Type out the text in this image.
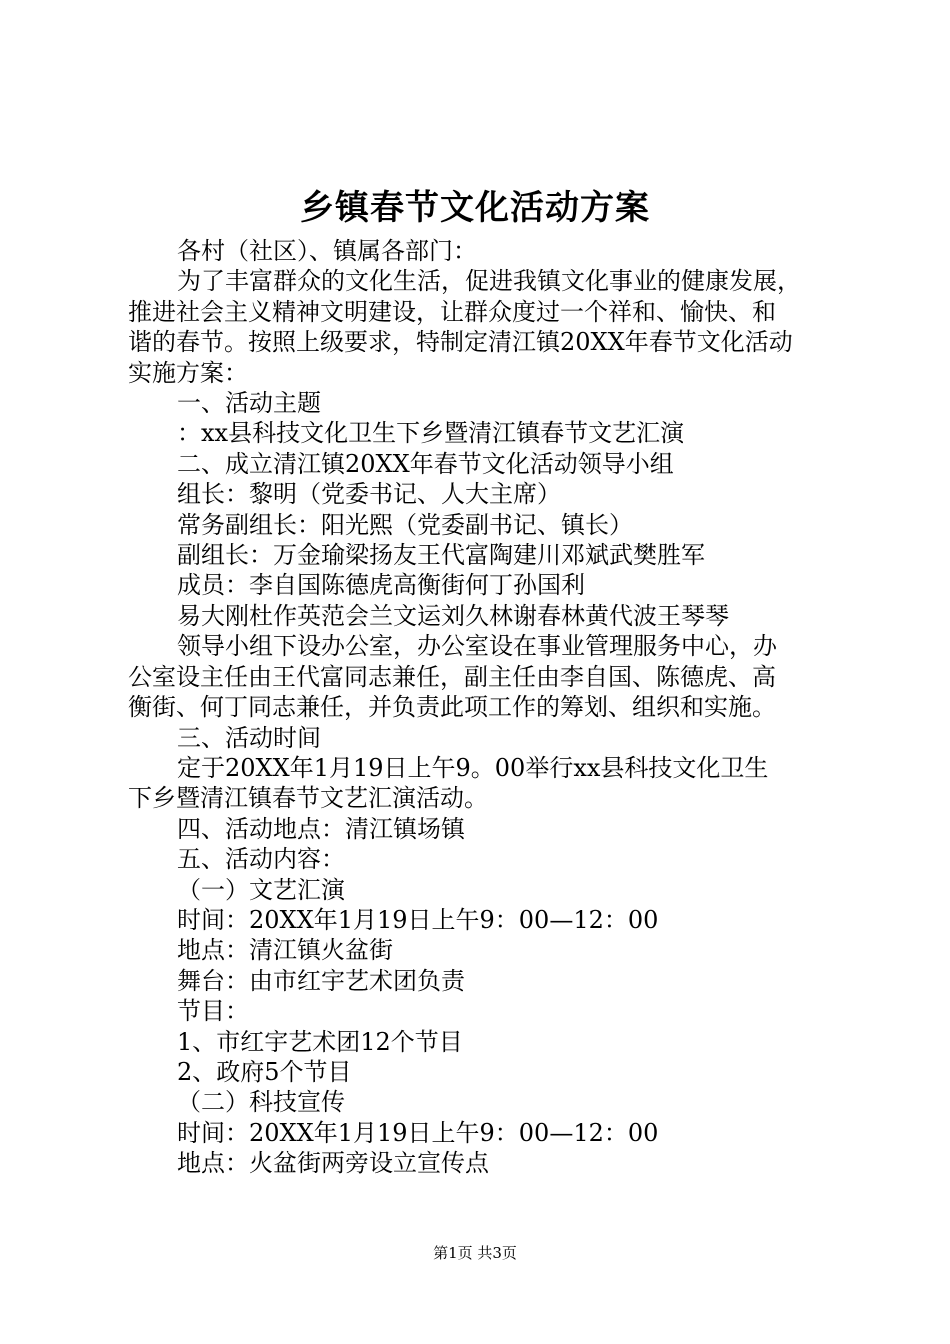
乡镇春节文化活动方案

各村（社区）、镇属各部门：

为了丰富群众的文化生活，促进我镇文化事业的健康发展，

推进社会主义精神文明建设，让群众度过一个祥和、愉快、和

谐的春节。按照上级要求，特制定清江镇20XX年春节文化活动

实施方案：

一、活动主题

：xx县科技文化卫生下乡暨清江镇春节文艺汇演

二、成立清江镇20XX年春节文化活动领导小组

组长：黎明（党委书记、人大主席）

常务副组长：阳光熙（党委副书记、镇长）

副组长：万金瑜梁扬友王代富陶建川邓斌武樊胜军

成员：李自国陈德虎高衡街何丁孙国利

易大刚杜作英范会兰文运刘久林谢春林黄代波王琴琴

领导小组下设办公室，办公室设在事业管理服务中心，办

公室设主任由王代富同志兼任，副主任由李自国、陈德虎、高

衡街、何丁同志兼任，并负责此项工作的筹划、组织和实施。

三、活动时间

定于20XX年1月19日上午9。00举行xx县科技文化卫生

下乡暨清江镇春节文艺汇演活动。

四、活动地点：清江镇场镇

五、活动内容：

（一）文艺汇演

时间：20XX年1月19日上午9：00—12：00

地点：清江镇火盆街

舞台：由市红宇艺术团负责

节目：

1、市红宇艺术团12个节目

2、政府5个节目

（二）科技宣传

时间：20XX年1月19日上午9：00—12：00

地点：火盆街两旁设立宣传点

第1页 共3页
